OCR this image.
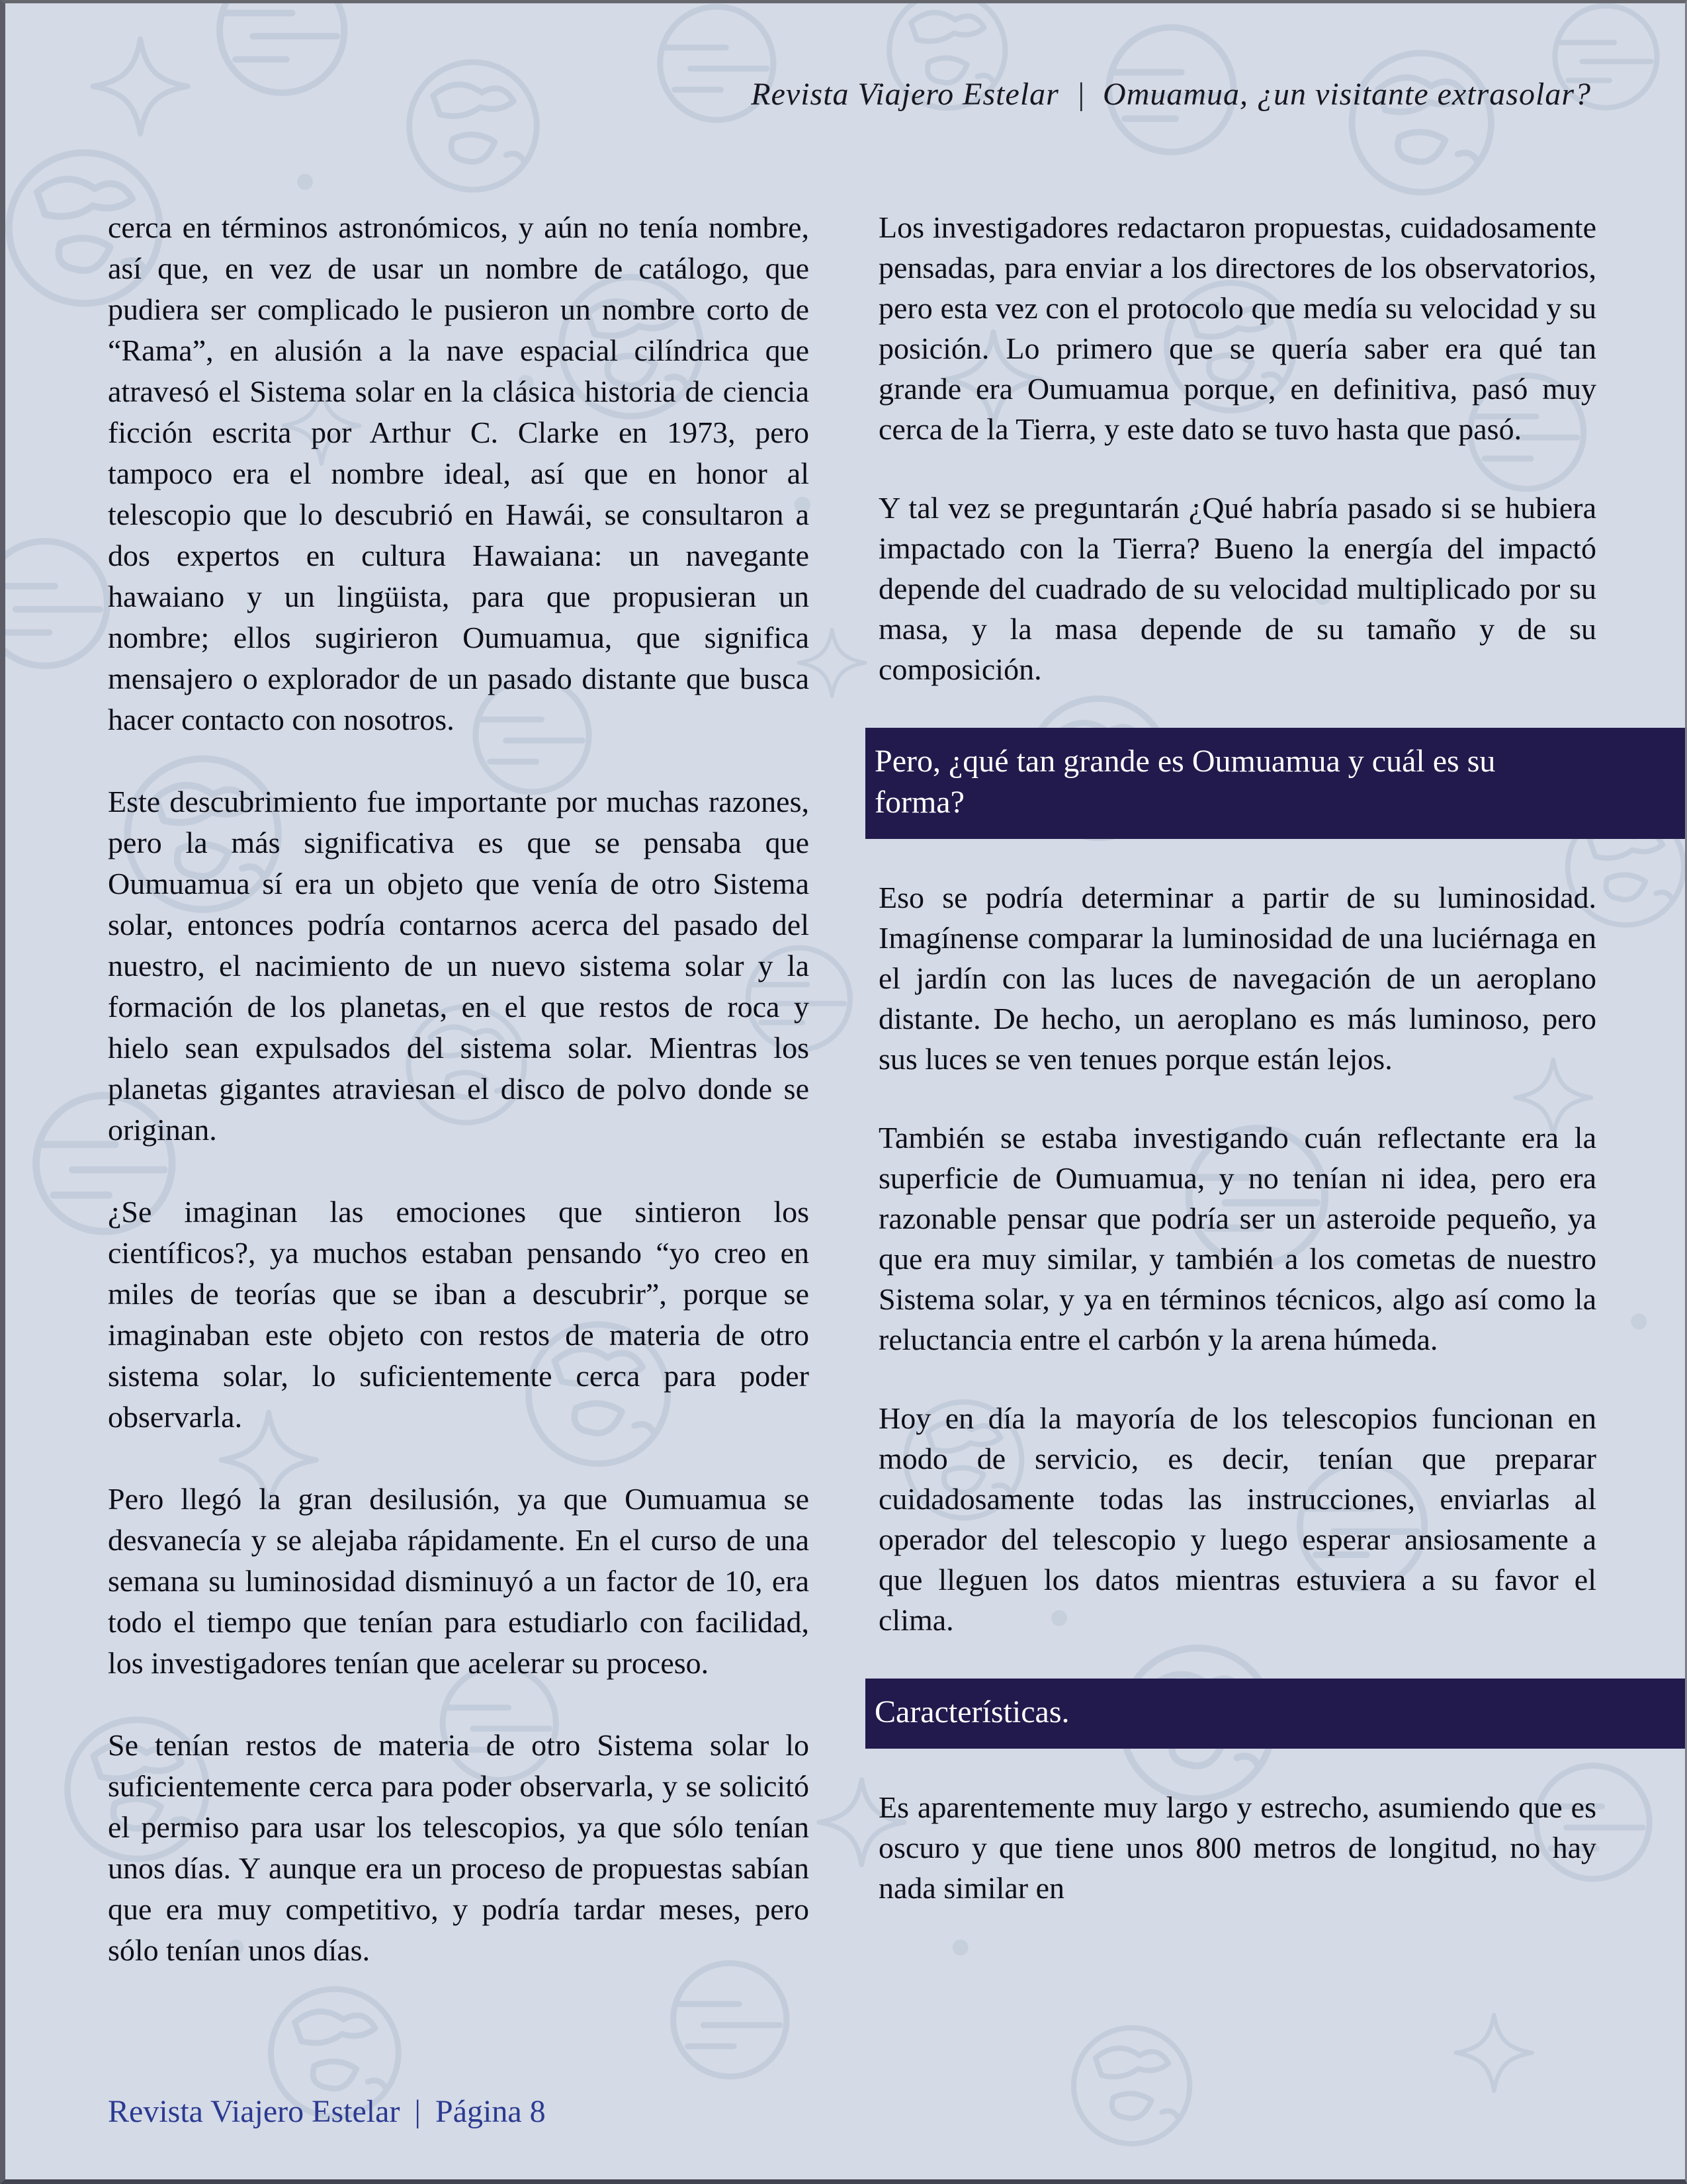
Revista Viajero Estelar | Omuamua, ¿un visitante extrasolar?

cerca en términos astronómicos, y aún no tenía nombre, así que, en vez de usar un nombre de catálogo, que pudiera ser complicado le pusieron un nombre corto de “Rama”, en alusión a la nave espacial cilíndrica que atravesó el Sistema solar en la clásica historia de ciencia ficción escrita por Arthur C. Clarke en 1973, pero tampoco era el nombre ideal, así que en honor al telescopio que lo descubrió en Hawái, se consultaron a dos expertos en cultura Hawaiana: un navegante hawaiano y un lingüista, para que propusieran un nombre; ellos sugirieron Oumuamua, que significa mensajero o explorador de un pasado distante que busca hacer contacto con nosotros.

Este descubrimiento fue importante por muchas razones, pero la más significativa es que se pensaba que Oumuamua sí era un objeto que venía de otro Sistema solar, entonces podría contarnos acerca del pasado del nuestro, el nacimiento de un nuevo sistema solar y la formación de los planetas, en el que restos de roca y hielo sean expulsados del sistema solar. Mientras los planetas gigantes atraviesan el disco de polvo donde se originan.

¿Se imaginan las emociones que sintieron los científicos?, ya muchos estaban pensando “yo creo en miles de teorías que se iban a descubrir”, porque se imaginaban este objeto con restos de materia de otro sistema solar, lo suficientemente cerca para poder observarla.

Pero llegó la gran desilusión, ya que Oumuamua se desvanecía y se alejaba rápidamente. En el curso de una semana su luminosidad disminuyó a un factor de 10, era todo el tiempo que tenían para estudiarlo con facilidad, los investigadores tenían que acelerar su proceso.

Se tenían restos de materia de otro Sistema solar lo suficientemente cerca para poder observarla, y se solicitó el permiso para usar los telescopios, ya que sólo tenían unos días. Y aunque era un proceso de propuestas sabían que era muy competitivo, y podría tardar meses, pero sólo tenían unos días.

Los investigadores redactaron propuestas, cuidadosamente pensadas, para enviar a los directores de los observatorios, pero esta vez con el protocolo que medía su velocidad y su posición. Lo primero que se quería saber era qué tan grande era Oumuamua porque, en definitiva, pasó muy cerca de la Tierra, y este dato se tuvo hasta que pasó.

Y tal vez se preguntarán ¿Qué habría pasado si se hubiera impactado con la Tierra? Bueno la energía del impactó depende del cuadrado de su velocidad multiplicado por su masa, y la masa depende de su tamaño y de su composición.

Pero, ¿qué tan grande es Oumuamua y cuál es su forma?

Eso se podría determinar a partir de su luminosidad. Imagínense comparar la luminosidad de una luciérnaga en el jardín con las luces de navegación de un aeroplano distante. De hecho, un aeroplano es más luminoso, pero sus luces se ven tenues porque están lejos.

También se estaba investigando cuán reflectante era la superficie de Oumuamua, y no tenían ni idea, pero era razonable pensar que podría ser un asteroide pequeño, ya que era muy similar, y también a los cometas de nuestro Sistema solar, y ya en términos técnicos, algo así como la reluctancia entre el carbón y la arena húmeda.

Hoy en día la mayoría de los telescopios funcionan en modo de servicio, es decir, tenían que preparar cuidadosamente todas las instrucciones, enviarlas al operador del telescopio y luego esperar ansiosamente a que lleguen los datos mientras estuviera a su favor el clima.

Características.

Es aparentemente muy largo y estrecho, asumiendo que es oscuro y que tiene unos 800 metros de longitud, no hay nada similar en

Revista Viajero Estelar | Página 8
